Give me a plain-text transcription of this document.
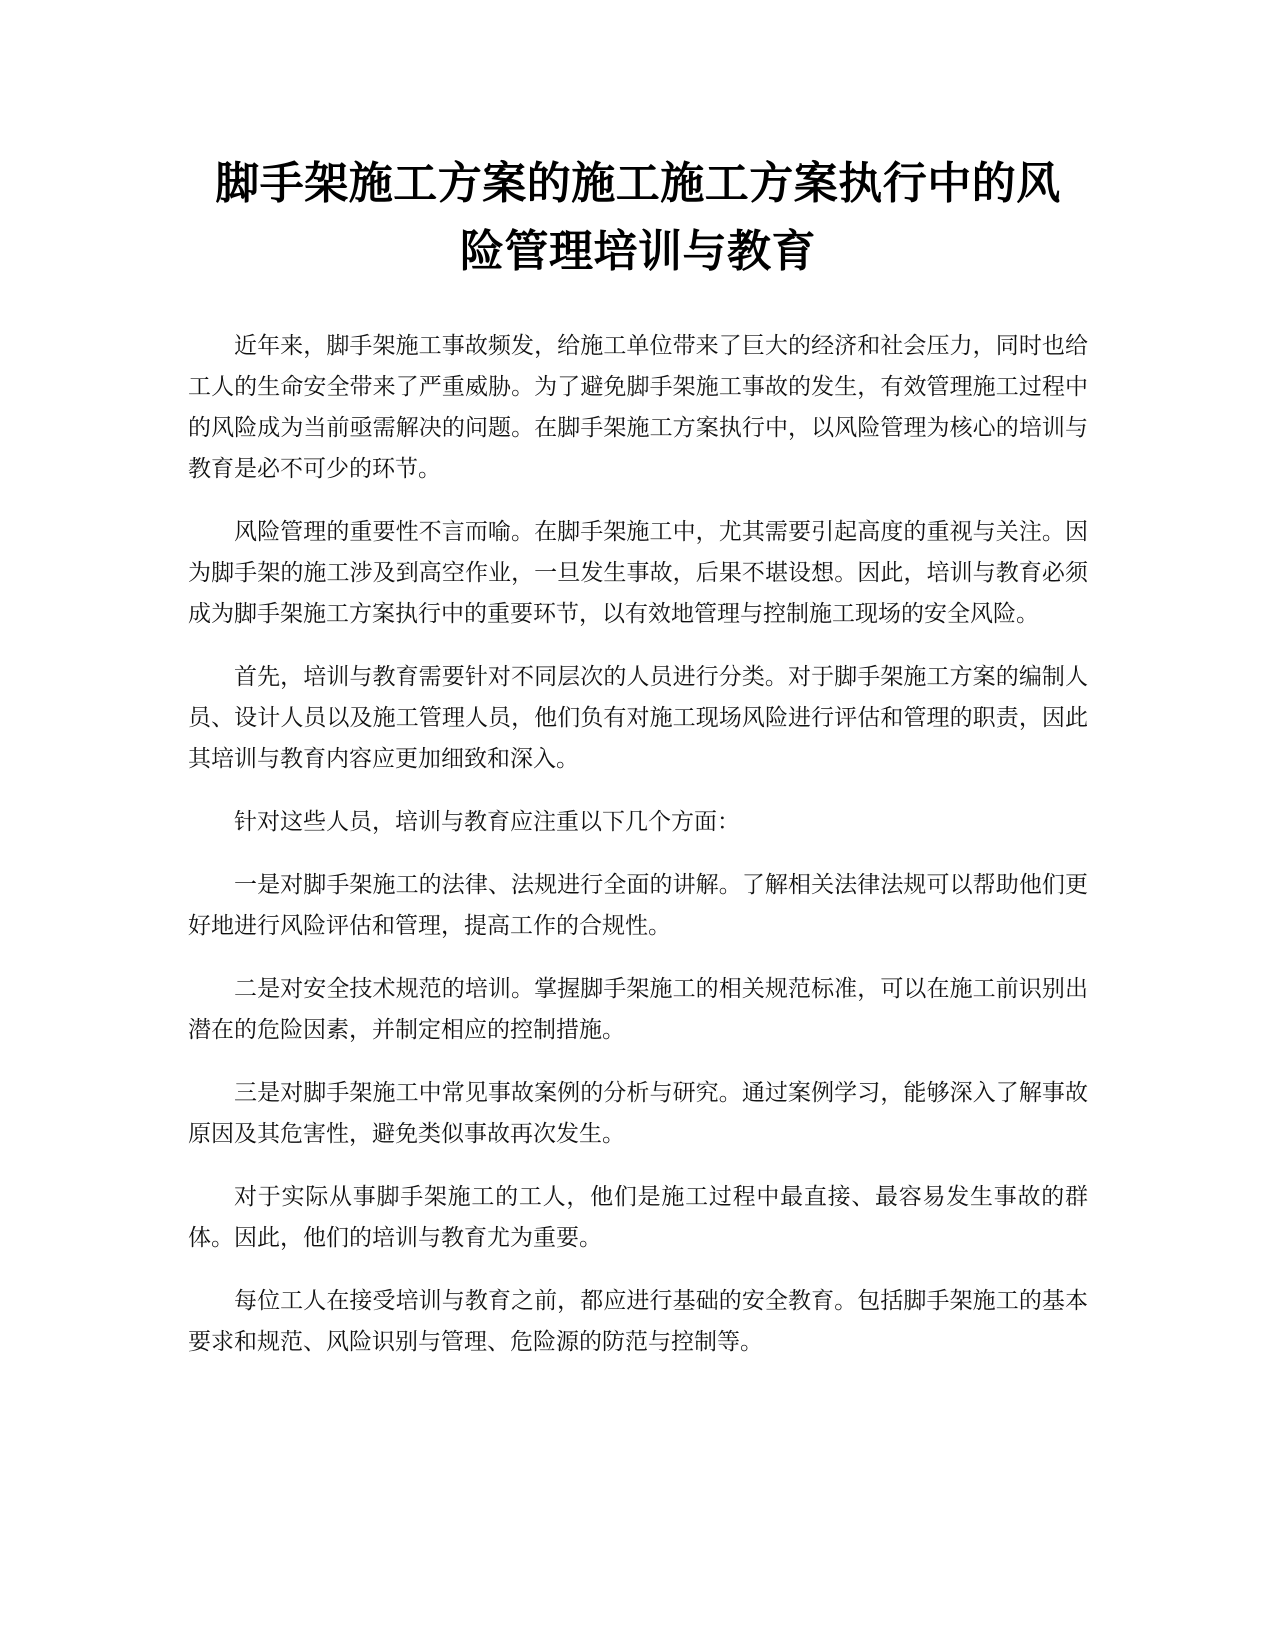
脚手架施工方案的施工施工方案执行中的风
险管理培训与教育

近年来，脚手架施工事故频发，给施工单位带来了巨大的经济和社会压力，同时也给工人的生命安全带来了严重威胁。为了避免脚手架施工事故的发生，有效管理施工过程中的风险成为当前亟需解决的问题。在脚手架施工方案执行中，以风险管理为核心的培训与教育是必不可少的环节。

风险管理的重要性不言而喻。在脚手架施工中，尤其需要引起高度的重视与关注。因为脚手架的施工涉及到高空作业，一旦发生事故，后果不堪设想。因此，培训与教育必须成为脚手架施工方案执行中的重要环节，以有效地管理与控制施工现场的安全风险。

首先，培训与教育需要针对不同层次的人员进行分类。对于脚手架施工方案的编制人员、设计人员以及施工管理人员，他们负有对施工现场风险进行评估和管理的职责，因此其培训与教育内容应更加细致和深入。

针对这些人员，培训与教育应注重以下几个方面：

一是对脚手架施工的法律、法规进行全面的讲解。了解相关法律法规可以帮助他们更好地进行风险评估和管理，提高工作的合规性。

二是对安全技术规范的培训。掌握脚手架施工的相关规范标准，可以在施工前识别出潜在的危险因素，并制定相应的控制措施。

三是对脚手架施工中常见事故案例的分析与研究。通过案例学习，能够深入了解事故原因及其危害性，避免类似事故再次发生。

对于实际从事脚手架施工的工人，他们是施工过程中最直接、最容易发生事故的群体。因此，他们的培训与教育尤为重要。

每位工人在接受培训与教育之前，都应进行基础的安全教育。包括脚手架施工的基本要求和规范、风险识别与管理、危险源的防范与控制等。
